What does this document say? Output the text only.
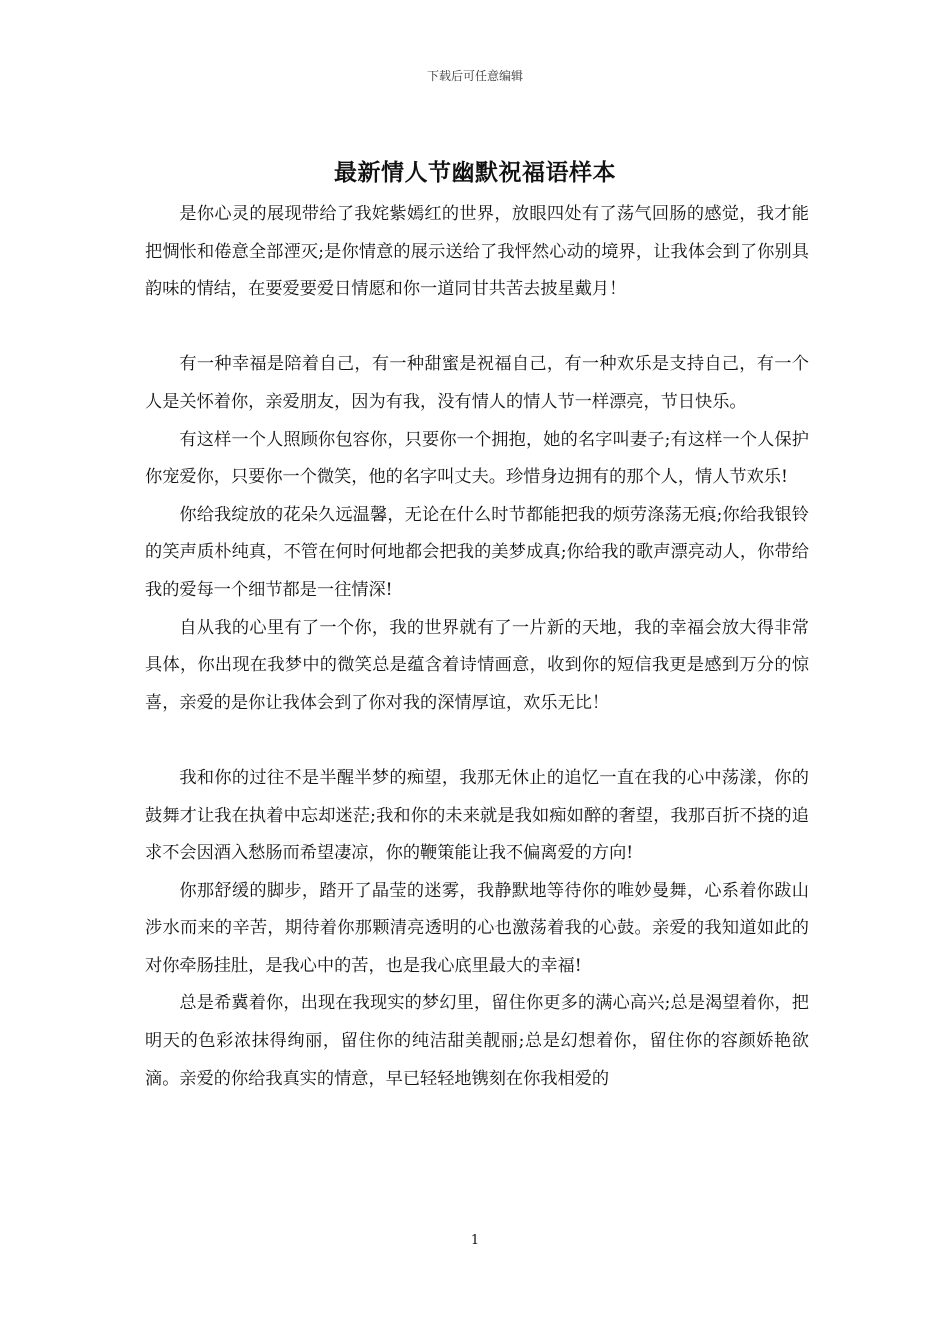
下载后可任意编辑
最新情人节幽默祝福语样本

是你心灵的展现带给了我姹紫嫣红的世界，放眼四处有了荡气回肠的感觉，我才能把惆怅和倦意全部湮灭;是你情意的展示送给了我怦然心动的境界，让我体会到了你别具韵味的情结，在要爱要爱日情愿和你一道同甘共苦去披星戴月！

有一种幸福是陪着自己，有一种甜蜜是祝福自己，有一种欢乐是支持自己，有一个人是关怀着你，亲爱朋友，因为有我，没有情人的情人节一样漂亮，节日快乐。

有这样一个人照顾你包容你，只要你一个拥抱，她的名字叫妻子;有这样一个人保护你宠爱你，只要你一个微笑，他的名字叫丈夫。珍惜身边拥有的那个人，情人节欢乐!

你给我绽放的花朵久远温馨，无论在什么时节都能把我的烦劳涤荡无痕;你给我银铃的笑声质朴纯真，不管在何时何地都会把我的美梦成真;你给我的歌声漂亮动人，你带给我的爱每一个细节都是一往情深!

自从我的心里有了一个你，我的世界就有了一片新的天地，我的幸福会放大得非常具体，你出现在我梦中的微笑总是蕴含着诗情画意，收到你的短信我更是感到万分的惊喜，亲爱的是你让我体会到了你对我的深情厚谊，欢乐无比！

我和你的过往不是半醒半梦的痴望，我那无休止的追忆一直在我的心中荡漾，你的鼓舞才让我在执着中忘却迷茫;我和你的未来就是我如痴如醉的奢望，我那百折不挠的追求不会因酒入愁肠而希望凄凉，你的鞭策能让我不偏离爱的方向!

你那舒缓的脚步，踏开了晶莹的迷雾，我静默地等待你的唯妙曼舞，心系着你跋山涉水而来的辛苦，期待着你那颗清亮透明的心也激荡着我的心鼓。亲爱的我知道如此的对你牵肠挂肚，是我心中的苦，也是我心底里最大的幸福!

总是希冀着你，出现在我现实的梦幻里，留住你更多的满心高兴;总是渴望着你，把明天的色彩浓抹得绚丽，留住你的纯洁甜美靓丽;总是幻想着你，留住你的容颜娇艳欲滴。亲爱的你给我真实的情意，早已轻轻地镌刻在你我相爱的

1
